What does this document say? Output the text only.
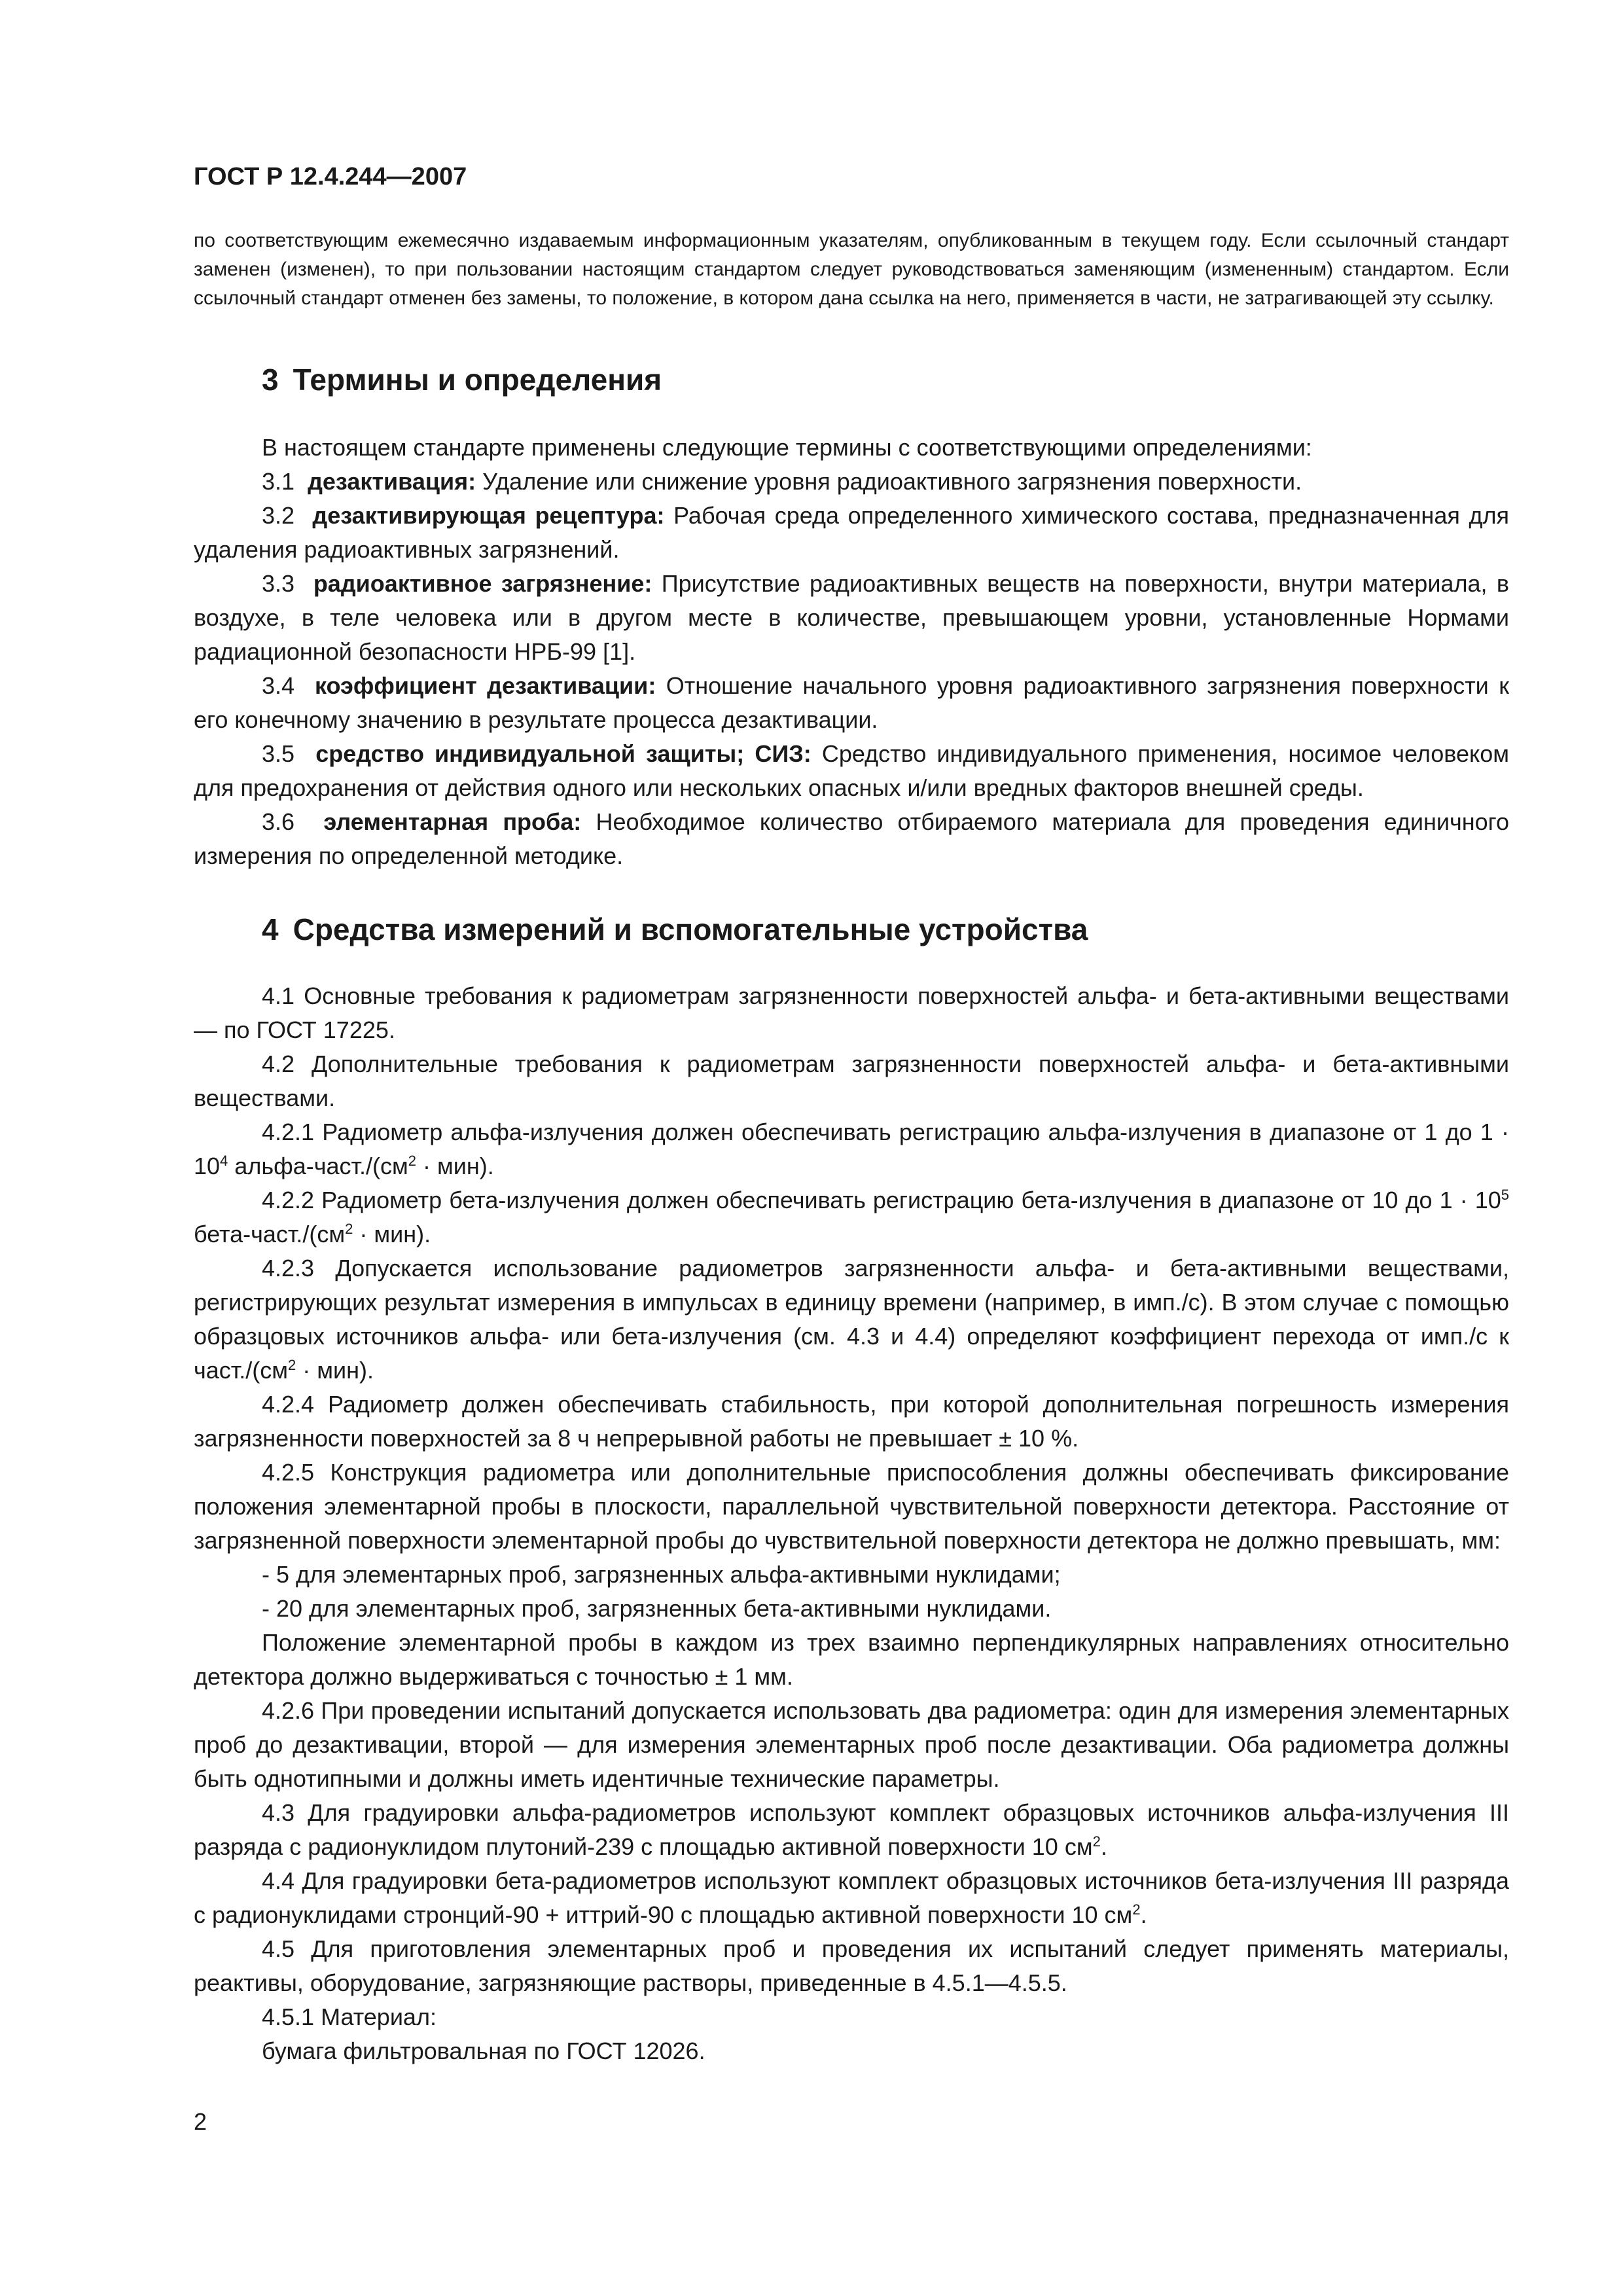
ГОСТ Р 12.4.244—2007

по соответствующим ежемесячно издаваемым информационным указателям, опубликованным в текущем году. Если ссылочный стандарт заменен (изменен), то при пользовании настоящим стандартом следует руководствоваться заменяющим (измененным) стандартом. Если ссылочный стандарт отменен без замены, то положение, в котором дана ссылка на него, применяется в части, не затрагивающей эту ссылку.

3 Термины и определения

В настоящем стандарте применены следующие термины с соответствующими определениями:

3.1 дезактивация: Удаление или снижение уровня радиоактивного загрязнения поверхности.

3.2 дезактивирующая рецептура: Рабочая среда определенного химического состава, предназначенная для удаления радиоактивных загрязнений.

3.3 радиоактивное загрязнение: Присутствие радиоактивных веществ на поверхности, внутри материала, в воздухе, в теле человека или в другом месте в количестве, превышающем уровни, установленные Нормами радиационной безопасности НРБ-99 [1].

3.4 коэффициент дезактивации: Отношение начального уровня радиоактивного загрязнения поверхности к его конечному значению в результате процесса дезактивации.

3.5 средство индивидуальной защиты; СИЗ: Средство индивидуального применения, носимое человеком для предохранения от действия одного или нескольких опасных и/или вредных факторов внешней среды.

3.6 элементарная проба: Необходимое количество отбираемого материала для проведения единичного измерения по определенной методике.

4 Средства измерений и вспомогательные устройства

4.1 Основные требования к радиометрам загрязненности поверхностей альфа- и бета-активными веществами — по ГОСТ 17225.

4.2 Дополнительные требования к радиометрам загрязненности поверхностей альфа- и бета-активными веществами.

4.2.1 Радиометр альфа-излучения должен обеспечивать регистрацию альфа-излучения в диапазоне от 1 до $1 \cdot 10^4$ альфа-$част./(см^2 \cdot мин)$.

4.2.2 Радиометр бета-излучения должен обеспечивать регистрацию бета-излучения в диапазоне от 10 до $1 \cdot 10^5$ бета-$част./(см^2 \cdot мин)$.

4.2.3 Допускается использование радиометров загрязненности альфа- и бета-активными веществами, регистрирующих результат измерения в импульсах в единицу времени (например, в имп./с). В этом случае с помощью образцовых источников альфа- или бета-излучения (см. 4.3 и 4.4) определяют коэффициент перехода от имп./с к $част./(см^2 \cdot мин)$.

4.2.4 Радиометр должен обеспечивать стабильность, при которой дополнительная погрешность измерения загрязненности поверхностей за 8 ч непрерывной работы не превышает ± 10 %.

4.2.5 Конструкция радиометра или дополнительные приспособления должны обеспечивать фиксирование положения элементарной пробы в плоскости, параллельной чувствительной поверхности детектора. Расстояние от загрязненной поверхности элементарной пробы до чувствительной поверхности детектора не должно превышать, мм:

- 5 для элементарных проб, загрязненных альфа-активными нуклидами;

- 20 для элементарных проб, загрязненных бета-активными нуклидами.

Положение элементарной пробы в каждом из трех взаимно перпендикулярных направлениях относительно детектора должно выдерживаться с точностью ± 1 мм.

4.2.6 При проведении испытаний допускается использовать два радиометра: один для измерения элементарных проб до дезактивации, второй — для измерения элементарных проб после дезактивации. Оба радиометра должны быть однотипными и должны иметь идентичные технические параметры.

4.3 Для градуировки альфа-радиометров используют комплект образцовых источников альфа-излучения III разряда с радионуклидом плутоний-239 с площадью активной поверхности 10 $см^2$.

4.4 Для градуировки бета-радиометров используют комплект образцовых источников бета-излучения III разряда с радионуклидами стронций-90 + иттрий-90 с площадью активной поверхности 10 $см^2$.

4.5 Для приготовления элементарных проб и проведения их испытаний следует применять материалы, реактивы, оборудование, загрязняющие растворы, приведенные в 4.5.1—4.5.5.

4.5.1 Материал:

бумага фильтровальная по ГОСТ 12026.

2
